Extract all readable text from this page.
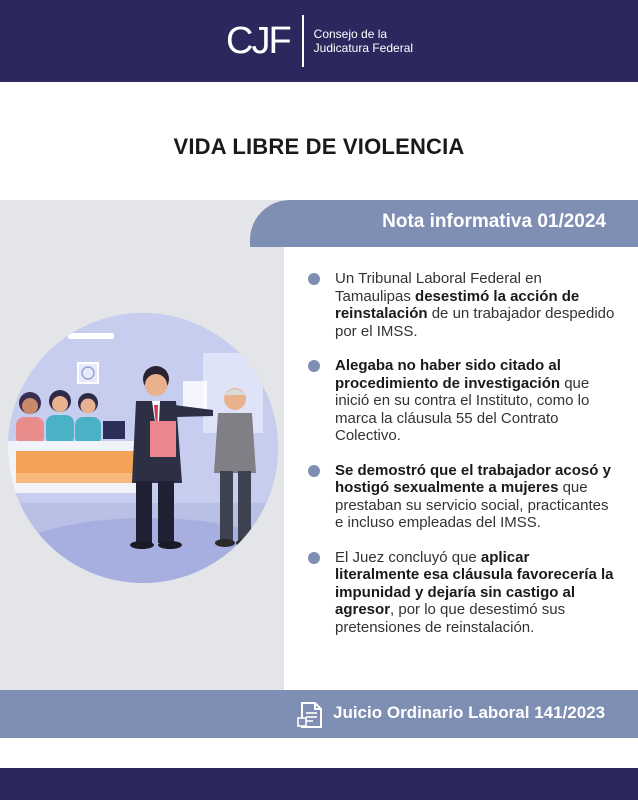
CJF Consejo de la
Judicatura Federal
VIDA LIBRE DE VIOLENCIA
Nota informativa 01/2024
Un Tribunal Laboral Federal en Tamaulipas desestimó la acción de reinstalación de un trabajador despedido por el IMSS.
Alegaba no haber sido citado al procedimiento de investigación que inició en su contra el Instituto, como lo marca la cláusula 55 del Contrato Colectivo.
Se demostró que el trabajador acosó y hostigó sexualmente a mujeres que prestaban su servicio social, practicantes e incluso empleadas del IMSS.
El Juez concluyó que aplicar literalmente esa cláusula favorecería la impunidad y dejaría sin castigo al agresor, por lo que desestimó sus pretensiones de reinstalación.
Juicio Ordinario Laboral 141/2023
